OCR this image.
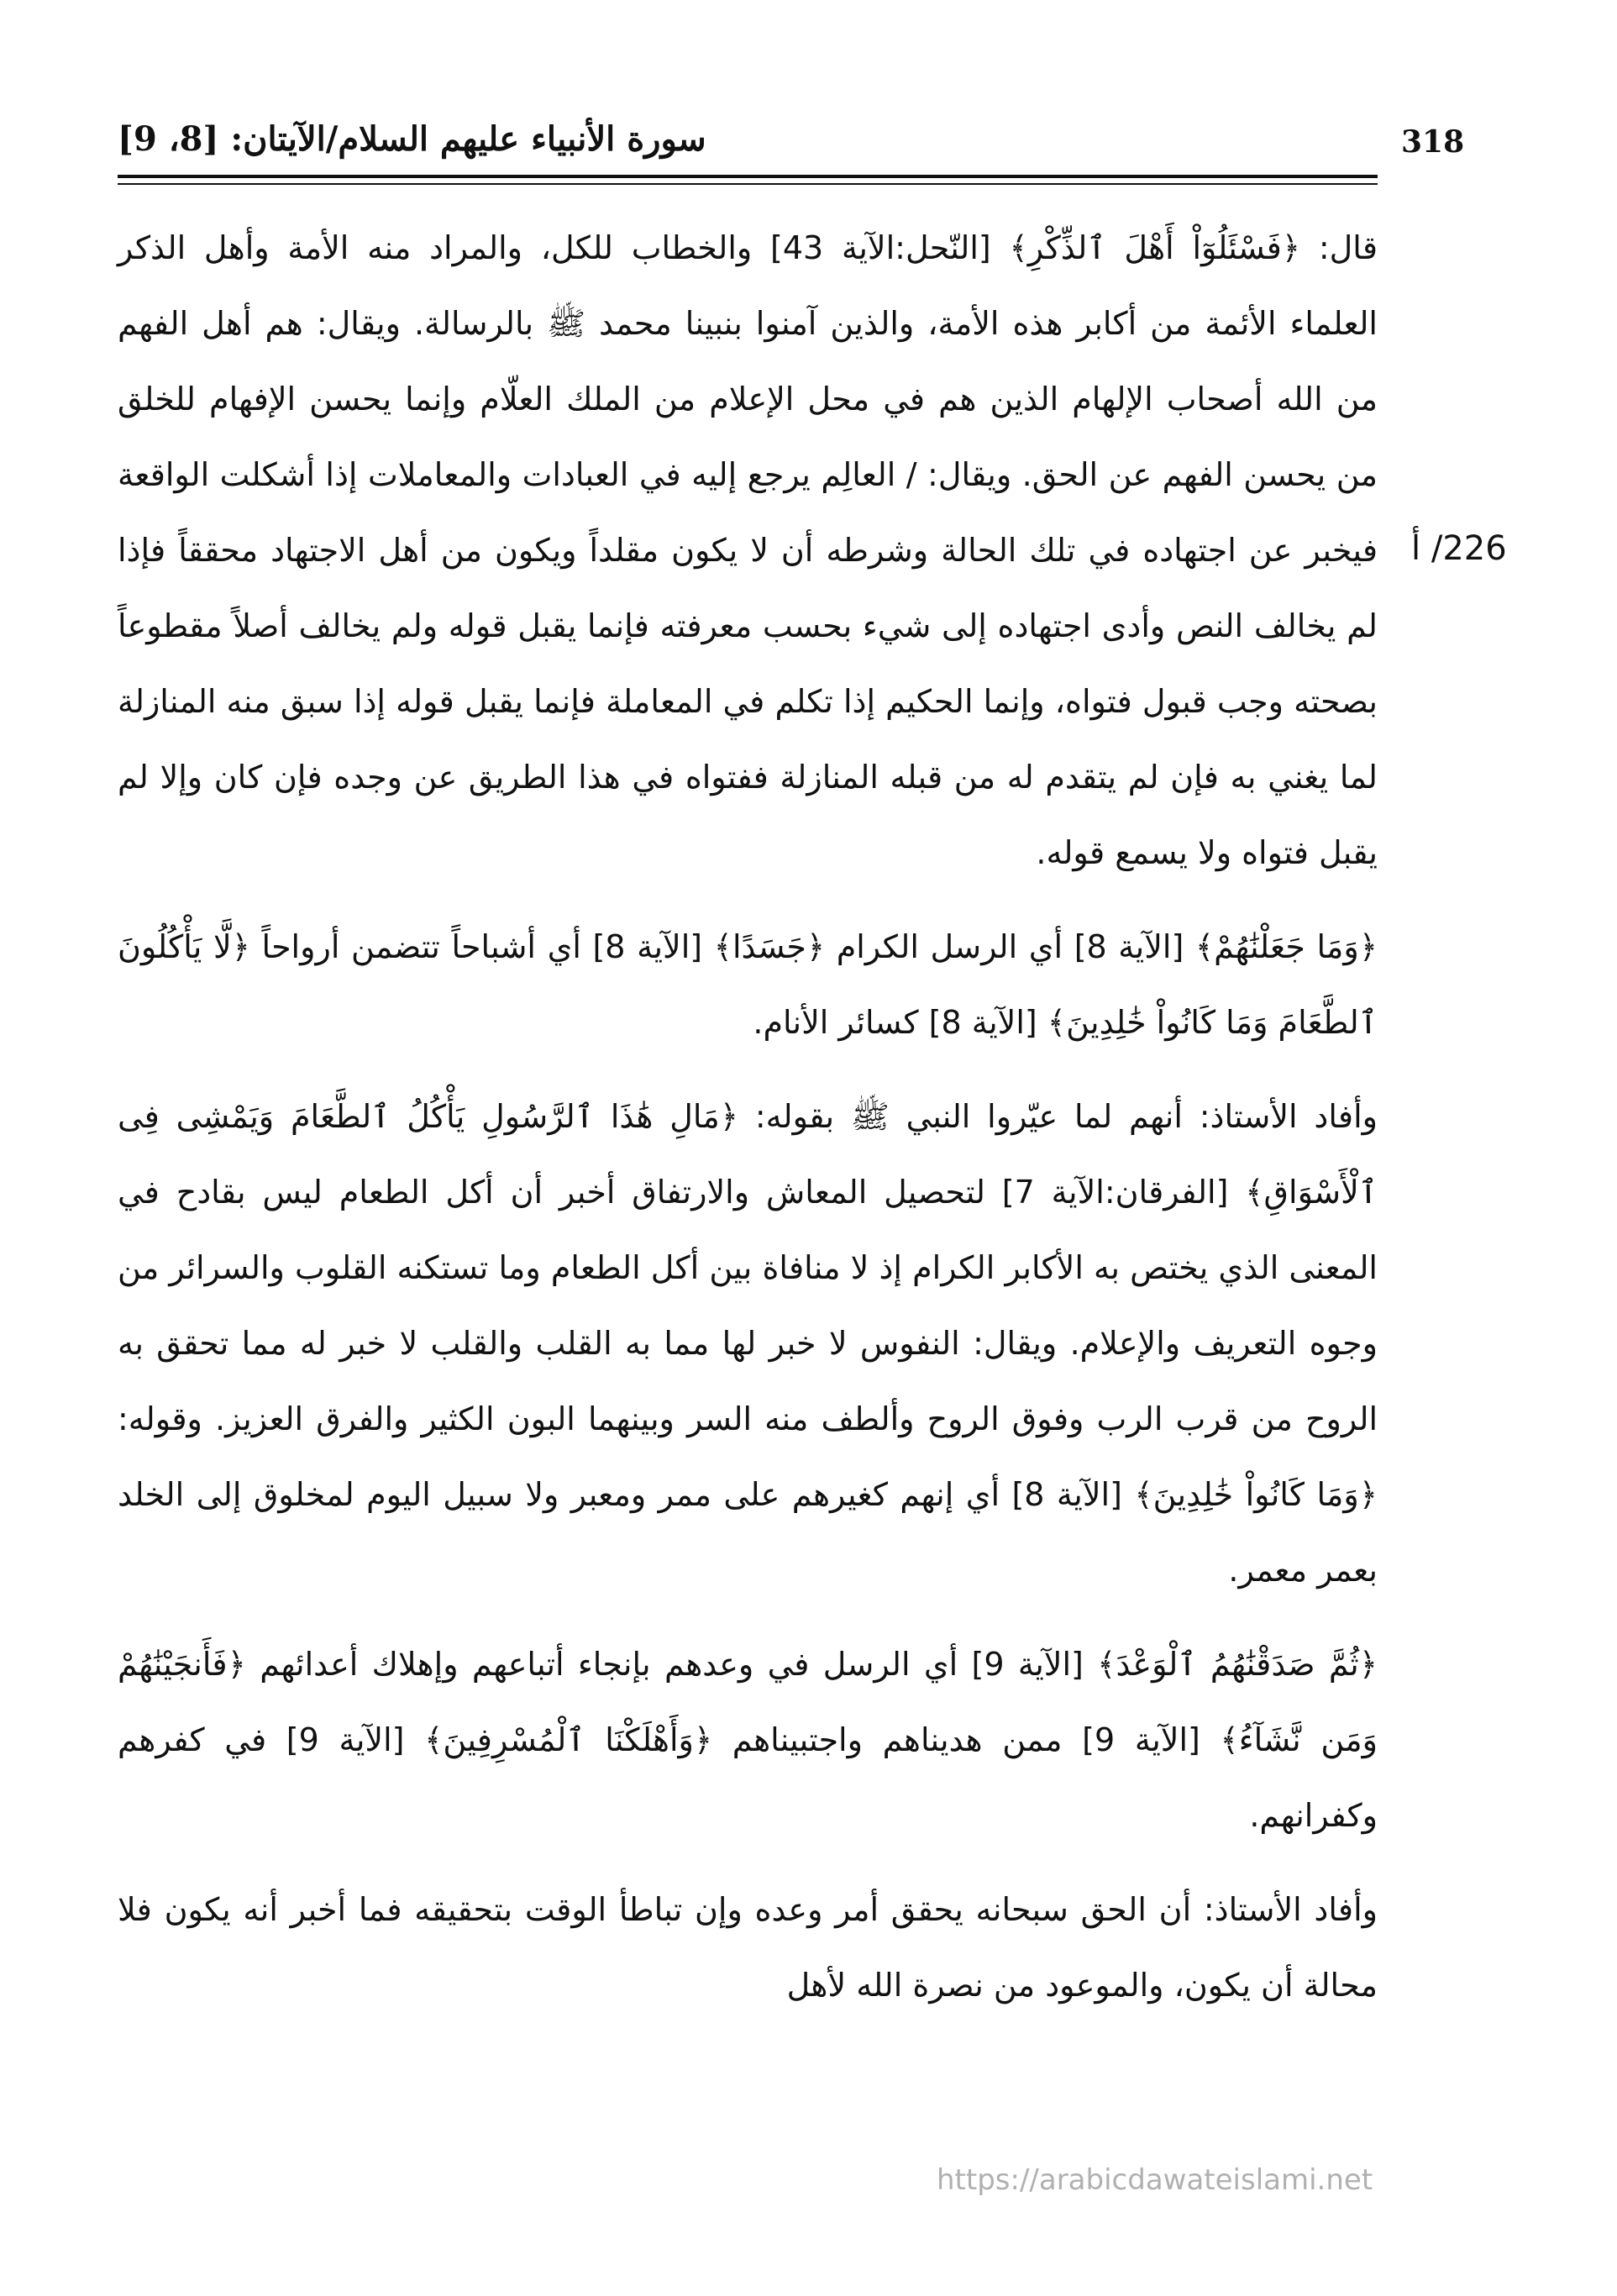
سورة الأنبياء عليهم السلام/الآيتان: [8، 9]	318
226/ أ

قال: ﴿فَسْئَلُوٓاْ أَهْلَ ٱلذِّكْرِ﴾ [النّحل:الآية 43] والخطاب للكل، والمراد منه الأمة وأهل الذكر العلماء الأئمة من أكابر هذه الأمة، والذين آمنوا بنبينا محمد ﷺ بالرسالة. ويقال: هم أهل الفهم من الله أصحاب الإلهام الذين هم في محل الإعلام من الملك العلّام وإنما يحسن الإفهام للخلق من يحسن الفهم عن الحق. ويقال: / العالِم يرجع إليه في العبادات والمعاملات إذا أشكلت الواقعة فيخبر عن اجتهاده في تلك الحالة وشرطه أن لا يكون مقلداً ويكون من أهل الاجتهاد محققاً فإذا لم يخالف النص وأدى اجتهاده إلى شيء بحسب معرفته فإنما يقبل قوله ولم يخالف أصلاً مقطوعاً بصحته وجب قبول فتواه، وإنما الحكيم إذا تكلم في المعاملة فإنما يقبل قوله إذا سبق منه المنازلة لما يغني به فإن لم يتقدم له من قبله المنازلة ففتواه في هذا الطريق عن وجده فإن كان وإلا لم يقبل فتواه ولا يسمع قوله.

﴿وَمَا جَعَلْنَٰهُمْ﴾ [الآية 8] أي الرسل الكرام ﴿جَسَدًا﴾ [الآية 8] أي أشباحاً تتضمن أرواحاً ﴿لَّا يَأْكُلُونَ ٱلطَّعَامَ وَمَا كَانُواْ خَٰلِدِينَ﴾ [الآية 8] كسائر الأنام.

وأفاد الأستاذ: أنهم لما عيّروا النبي ﷺ بقوله: ﴿مَالِ هَٰذَا ٱلرَّسُولِ يَأْكُلُ ٱلطَّعَامَ وَيَمْشِى فِى ٱلْأَسْوَاقِ﴾ [الفرقان:الآية 7] لتحصيل المعاش والارتفاق أخبر أن أكل الطعام ليس بقادح في المعنى الذي يختص به الأكابر الكرام إذ لا منافاة بين أكل الطعام وما تستكنه القلوب والسرائر من وجوه التعريف والإعلام. ويقال: النفوس لا خبر لها مما به القلب والقلب لا خبر له مما تحقق به الروح من قرب الرب وفوق الروح وألطف منه السر وبينهما البون الكثير والفرق العزيز. وقوله: ﴿وَمَا كَانُواْ خَٰلِدِينَ﴾ [الآية 8] أي إنهم كغيرهم على ممر ومعبر ولا سبيل اليوم لمخلوق إلى الخلد بعمر معمر.

﴿ثُمَّ صَدَقْنَٰهُمُ ٱلْوَعْدَ﴾ [الآية 9] أي الرسل في وعدهم بإنجاء أتباعهم وإهلاك أعدائهم ﴿فَأَنجَيْنَٰهُمْ وَمَن نَّشَآءُ﴾ [الآية 9] ممن هديناهم واجتبيناهم ﴿وَأَهْلَكْنَا ٱلْمُسْرِفِينَ﴾ [الآية 9] في كفرهم وكفرانهم.

وأفاد الأستاذ: أن الحق سبحانه يحقق أمر وعده وإن تباطأ الوقت بتحقيقه فما أخبر أنه يكون فلا محالة أن يكون، والموعود من نصرة الله لأهل

https://arabicdawateislami.net
